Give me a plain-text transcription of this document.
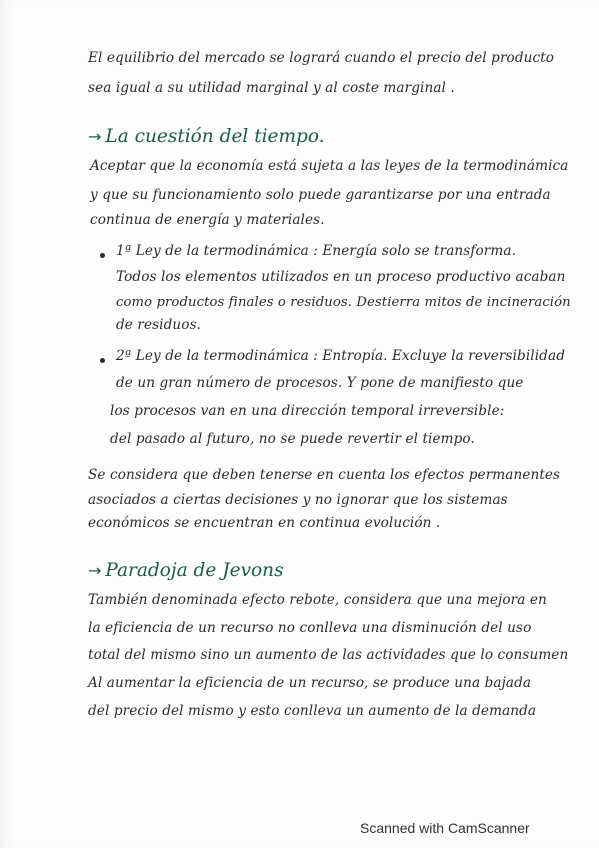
El equilibrio del mercado se logrará cuando el precio del producto
sea igual a su utilidad marginal y al coste marginal .
→ La cuestión del tiempo.
Aceptar que la economía está sujeta a las leyes de la termodinámica
y que su funcionamiento solo puede garantizarse por una entrada
continua de energía y materiales.
1ª Ley de la termodinámica : Energía solo se transforma.
Todos los elementos utilizados en un proceso productivo acaban
como productos finales o residuos. Destierra mitos de incineración
de residuos.
2ª Ley de la termodinámica : Entropía. Excluye la reversibilidad
de un gran número de procesos. Y pone de manifiesto que
los procesos van en una dirección temporal irreversible:
del pasado al futuro, no se puede revertir el tiempo.
Se considera que deben tenerse en cuenta los efectos permanentes
asociados a ciertas decisiones y no ignorar que los sistemas
económicos se encuentran en continua evolución .
→ Paradoja de Jevons
También denominada efecto rebote, considera que una mejora en
la eficiencia de un recurso no conlleva una disminución del uso
total del mismo sino un aumento de las actividades que lo consumen
Al aumentar la eficiencia de un recurso, se produce una bajada
del precio del mismo y esto conlleva un aumento de la demanda
Scanned with CamScanner
